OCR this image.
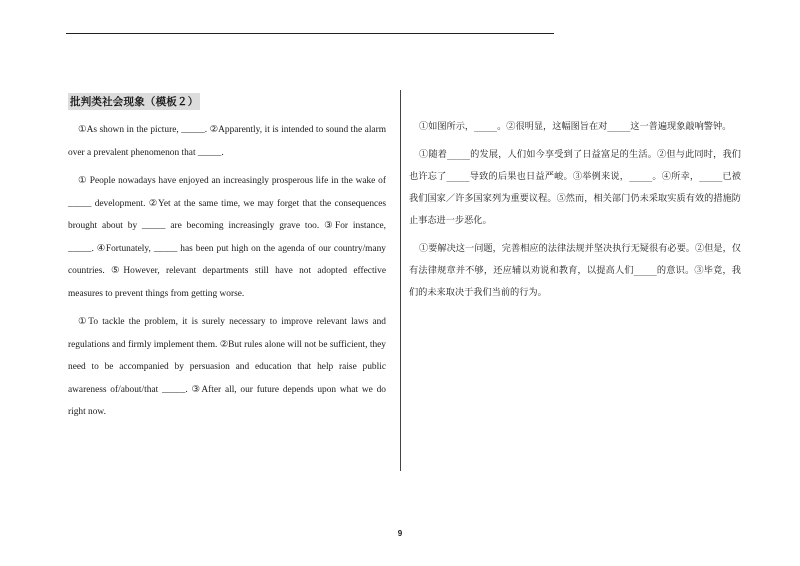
批判类社会现象（模板２）

①As shown in the picture, _____. ②Apparently, it is intended to sound the alarm over a prevalent phenomenon that _____.

① People nowadays have enjoyed an increasingly prosperous life in the wake of _____ development. ②Yet at the same time, we may forget that the consequences brought about by _____ are becoming increasingly grave too. ③For instance, _____. ④Fortunately, _____ has been put high on the agenda of our country/many countries. ⑤However, relevant departments still have not adopted effective measures to prevent things from getting worse.

①To tackle the problem, it is surely necessary to improve relevant laws and regulations and firmly implement them. ②But rules alone will not be sufficient, they need to be accompanied by persuasion and education that help raise public awareness of/about/that _____. ③After all, our future depends upon what we do right now.

①如图所示，_____。②很明显，这幅图旨在对_____这一普遍现象敲响警钟。

①随着_____的发展，人们如今享受到了日益富足的生活。②但与此同时，我们也许忘了_____导致的后果也日益严峻。③举例来说，_____。④所幸，_____已被我们国家／许多国家列为重要议程。⑤然而，相关部门仍未采取实质有效的措施防止事态进一步恶化。

①要解决这一问题，完善相应的法律法规并坚决执行无疑很有必要。②但是，仅有法律规章并不够，还应辅以劝说和教育，以提高人们_____的意识。③毕竟，我们的未来取决于我们当前的行为。

9
